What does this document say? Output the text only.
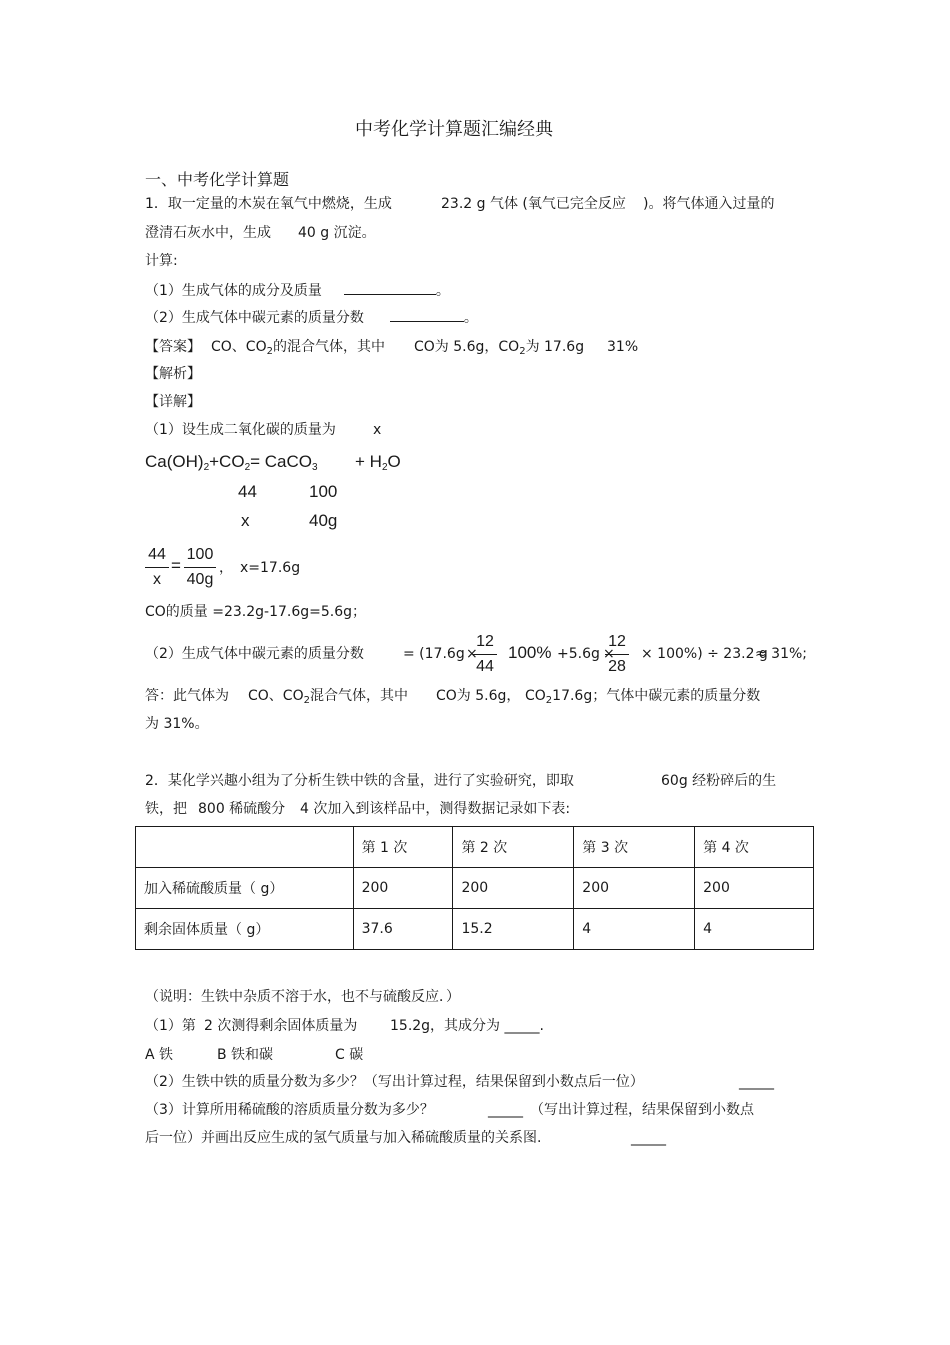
中考化学计算题汇编经典
一、中考化学计算题
1．取一定量的木炭在氧气中燃烧，生成	23.2 g 气体 (氧气已完全反应 )。将气体通入过量的
澄清石灰水中，生成 40 g 沉淀。
计算:
（1）生成气体的成分及质量	。
（2）生成气体中碳元素的质量分数	。
【答案】 CO、$CO_2$的混合气体，其中 CO为 5.6g，$CO_2$为 17.6g 31%
【解析】
【详解】
（1）设生成二氧化碳的质量为	x
Ca(OH)2+CO2= CaCO3 + H2O
44	100
x	40g
44
x
=
100
40g
， x=17.6g
CO的质量 =23.2g-17.6g=5.6g；
（2）生成气体中碳元素的质量分数	= (17.6g ×
12
44
100% +5.6g ×
12
28
× 100%) ÷ 23.2 g
≈ 31%;
答：此气体为 CO、$CO_2$混合气体，其中 CO为 5.6g， $CO_217.6g$；气体中碳元素的质量分数
为 31%。
2．某化学兴趣小组为了分析生铁中铁的含量，进行了实验研究，即取	60g 经粉碎后的生
铁，把 800 稀硫酸分 4 次加入到该样品中，测得数据记录如下表:
	第 1 次	第 2 次	第 3 次	第 4 次
加入稀硫酸质量（ g）	200	200	200	200
剩余固体质量（ g）	37.6	15.2	4	4
（说明：生铁中杂质不溶于水，也不与硫酸反应．）
（1）第 2 次测得剩余固体质量为 15.2g，其成分为 _____.
A 铁	B 铁和碳	C 碳
（2）生铁中铁的质量分数为多少？（写出计算过程，结果保留到小数点后一位）	_____
（3）计算所用稀硫酸的溶质质量分数为多少？	_____ （写出计算过程，结果保留到小数点
后一位）并画出反应生成的氢气质量与加入稀硫酸质量的关系图.	_____
